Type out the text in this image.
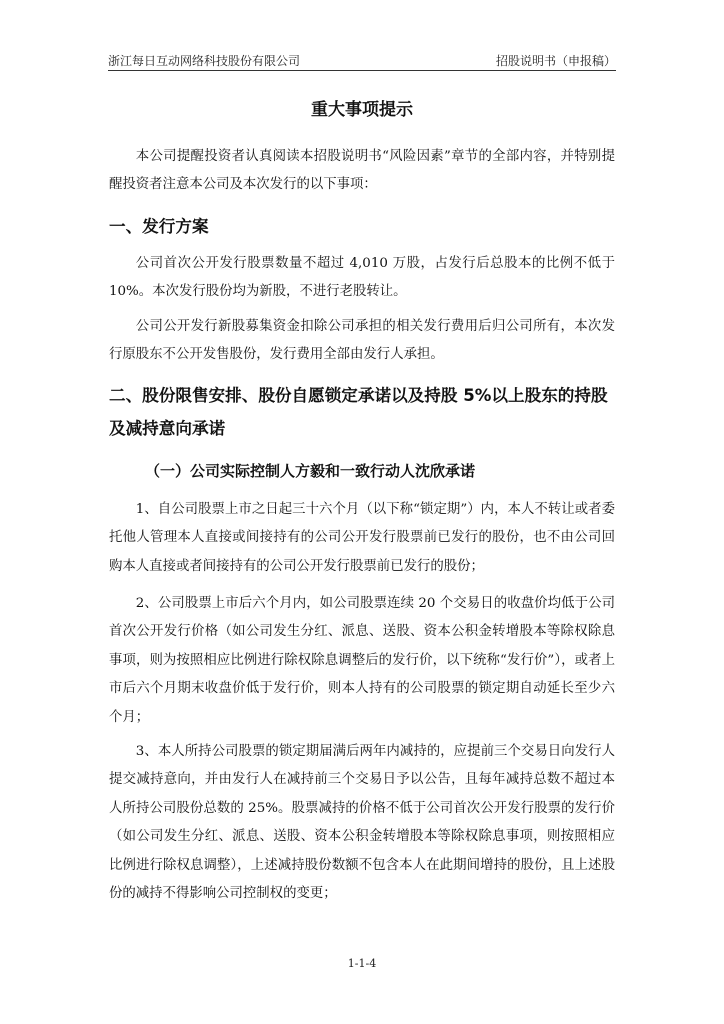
浙江每日互动网络科技股份有限公司	招股说明书（申报稿）
重大事项提示

本公司提醒投资者认真阅读本招股说明书“风险因素”章节的全部内容，并特别提醒投资者注意本公司及本次发行的以下事项：

一、发行方案

公司首次公开发行股票数量不超过 4,010 万股，占发行后总股本的比例不低于 10%。本次发行股份均为新股，不进行老股转让。

公司公开发行新股募集资金扣除公司承担的相关发行费用后归公司所有，本次发行原股东不公开发售股份，发行费用全部由发行人承担。

二、股份限售安排、股份自愿锁定承诺以及持股 5%以上股东的持股及减持意向承诺
（一）公司实际控制人方毅和一致行动人沈欣承诺

1、自公司股票上市之日起三十六个月（以下称“锁定期”）内，本人不转让或者委托他人管理本人直接或间接持有的公司公开发行股票前已发行的股份，也不由公司回购本人直接或者间接持有的公司公开发行股票前已发行的股份；

2、公司股票上市后六个月内，如公司股票连续 20 个交易日的收盘价均低于公司首次公开发行价格（如公司发生分红、派息、送股、资本公积金转增股本等除权除息事项，则为按照相应比例进行除权除息调整后的发行价，以下统称“发行价”），或者上市后六个月期末收盘价低于发行价，则本人持有的公司股票的锁定期自动延长至少六个月；

3、本人所持公司股票的锁定期届满后两年内减持的，应提前三个交易日向发行人提交减持意向，并由发行人在减持前三个交易日予以公告，且每年减持总数不超过本人所持公司股份总数的 25%。股票减持的价格不低于公司首次公开发行股票的发行价（如公司发生分红、派息、送股、资本公积金转增股本等除权除息事项，则按照相应比例进行除权息调整），上述减持股份数额不包含本人在此期间增持的股份，且上述股份的减持不得影响公司控制权的变更；

1-1-4
